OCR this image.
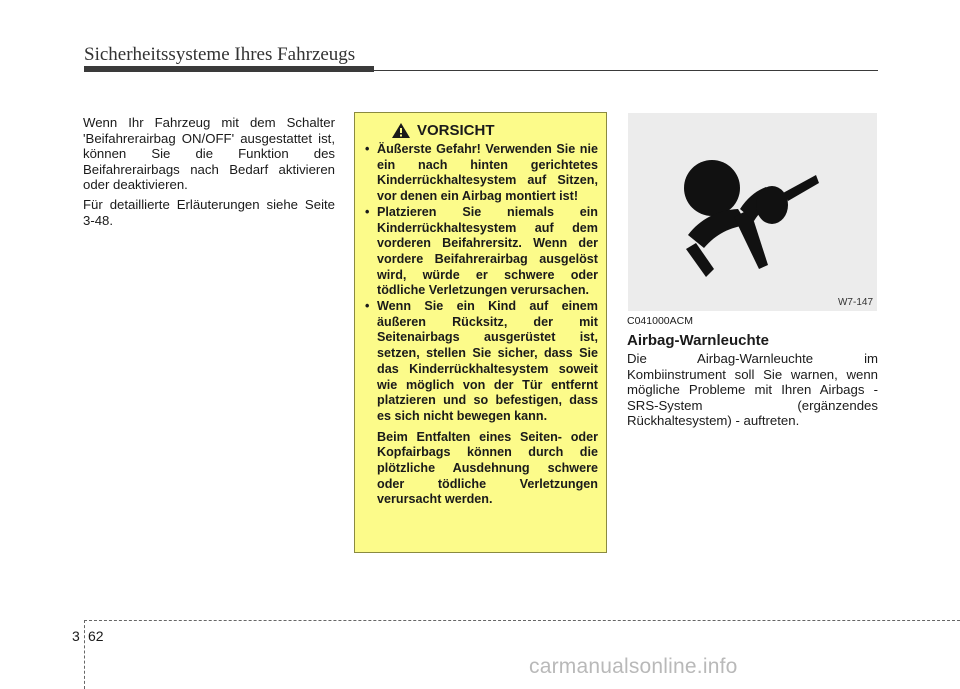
Sicherheitssysteme Ihres Fahrzeugs

Wenn Ihr Fahrzeug mit dem Schalter 'Beifahrerairbag ON/OFF' ausgestattet ist, können Sie die Funktion des Beifahrerairbags nach Bedarf aktivieren oder deaktivieren.

Für detaillierte Erläuterungen siehe Seite 3-48.

VORSICHT
• Äußerste Gefahr! Verwenden Sie nie ein nach hinten gerichtetes Kinderrückhaltesystem auf Sitzen, vor denen ein Airbag montiert ist!
• Platzieren Sie niemals ein Kinderrückhaltesystem auf dem vorderen Beifahrersitz. Wenn der vordere Beifahrerairbag ausgelöst wird, würde er schwere oder tödliche Verletzungen verursachen.
• Wenn Sie ein Kind auf einem äußeren Rücksitz, der mit Seitenairbags ausgerüstet ist, setzen, stellen Sie sicher, dass Sie das Kinderrückhaltesystem soweit wie möglich von der Tür entfernt platzieren und so befestigen, dass es sich nicht bewegen kann.
Beim Entfalten eines Seiten- oder Kopfairbags können durch die plötzliche Ausdehnung schwere oder tödliche Verletzungen verursacht werden.
W7-147
C041000ACM
Airbag-Warnleuchte

Die Airbag-Warnleuchte im Kombiinstrument soll Sie warnen, wenn mögliche Probleme mit Ihren Airbags - SRS-System (ergänzendes Rückhaltesystem) - auftreten.

3 62
carmanualsonline.info
